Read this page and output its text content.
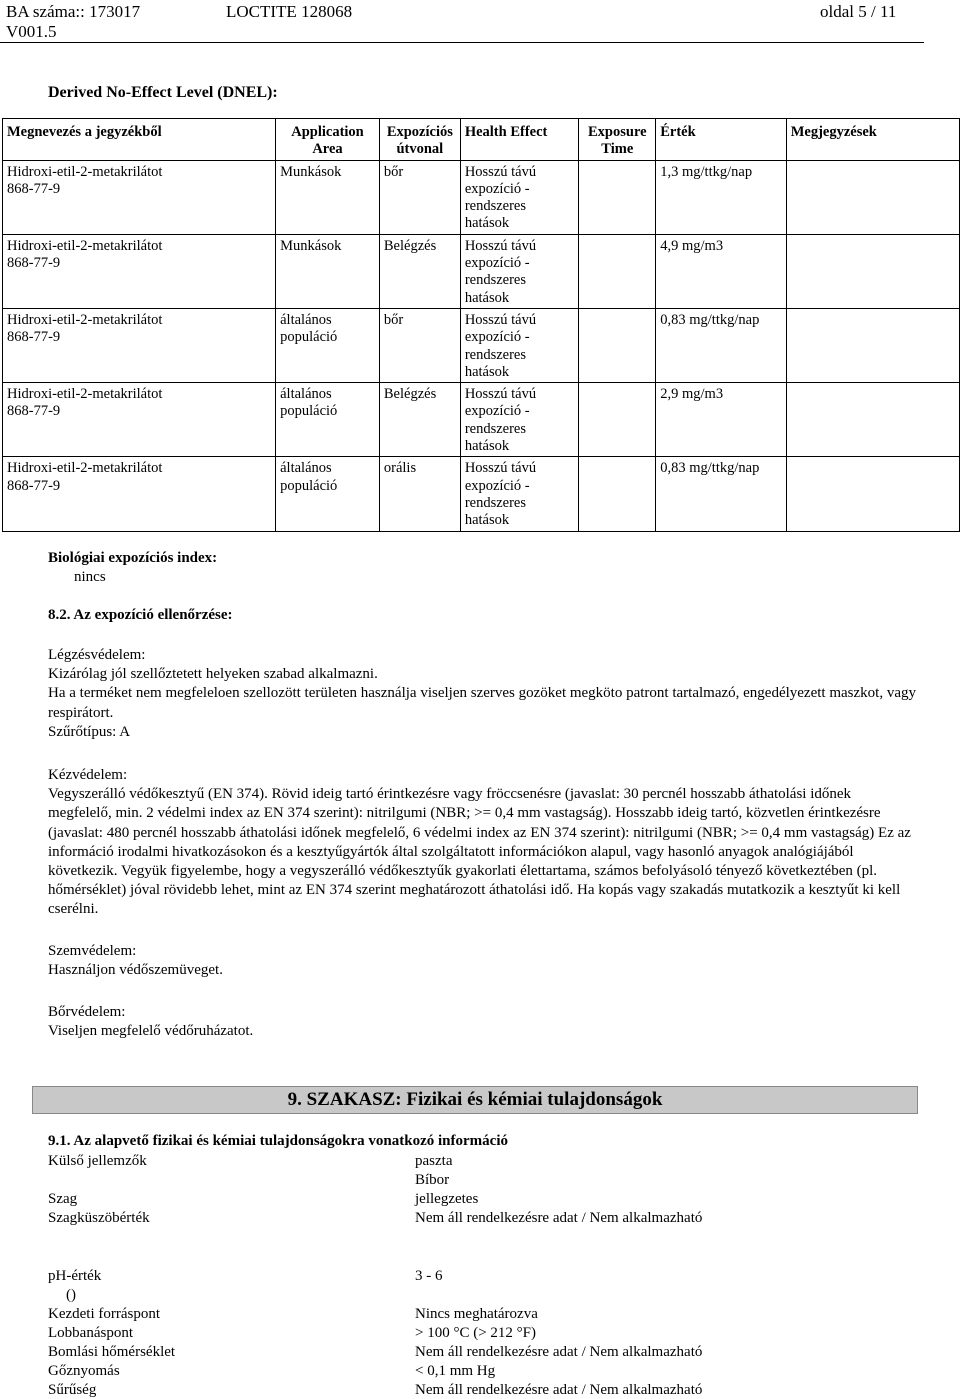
BA száma:: 173017	LOCTITE 128068	oldal 5 / 11
V001.5
Derived No-Effect Level (DNEL):
Megnevezés a jegyzékből	Application Area	Expozíciós útvonal	Health Effect	Exposure Time	Érték	Megjegyzések
Hidroxi-etil-2-metakrilátot
868-77-9	Munkások	bőr	Hosszú távú
expozíció -
rendszeres
hatások		1,3 mg/ttkg/nap	
Hidroxi-etil-2-metakrilátot
868-77-9	Munkások	Belégzés	Hosszú távú
expozíció -
rendszeres
hatások		4,9 mg/m3	
Hidroxi-etil-2-metakrilátot
868-77-9	általános
populáció	bőr	Hosszú távú
expozíció -
rendszeres
hatások		0,83 mg/ttkg/nap	
Hidroxi-etil-2-metakrilátot
868-77-9	általános
populáció	Belégzés	Hosszú távú
expozíció -
rendszeres
hatások		2,9 mg/m3	
Hidroxi-etil-2-metakrilátot
868-77-9	általános
populáció	orális	Hosszú távú
expozíció -
rendszeres
hatások		0,83 mg/ttkg/nap	
Biológiai expozíciós index:
nincs
8.2. Az expozíció ellenőrzése:
Légzésvédelem:
Kizárólag jól szellőztetett helyeken szabad alkalmazni.
Ha a terméket nem megfeleloen szellozött területen használja viseljen szerves gozöket megköto patront tartalmazó, engedélyezett maszkot, vagy respirátort.
Szűrőtípus: A
Kézvédelem:
Vegyszerálló védőkesztyű (EN 374). Rövid ideig tartó érintkezésre vagy fröccsenésre (javaslat: 30 percnél hosszabb áthatolási időnek megfelelő, min. 2 védelmi index az EN 374 szerint): nitrilgumi (NBR; >= 0,4 mm vastagság). Hosszabb ideig tartó, közvetlen érintkezésre (javaslat: 480 percnél hosszabb áthatolási időnek megfelelő, 6 védelmi index az EN 374 szerint): nitrilgumi (NBR; >= 0,4 mm vastagság) Ez az információ irodalmi hivatkozásokon és a kesztyűgyártók által szolgáltatott információkon alapul, vagy hasonló anyagok analógiájából következik. Vegyük figyelembe, hogy a vegyszerálló védőkesztyűk gyakorlati élettartama, számos befolyásoló tényező következtében (pl. hőmérséklet) jóval rövidebb lehet, mint az EN 374 szerint meghatározott áthatolási idő. Ha kopás vagy szakadás mutatkozik a kesztyűt ki kell cserélni.
Szemvédelem:
Használjon védőszemüveget.
Bőrvédelem:
Viseljen megfelelő védőruházatot.
9. SZAKASZ: Fizikai és kémiai tulajdonságok
9.1. Az alapvető fizikai és kémiai tulajdonságokra vonatkozó információ
Külső jellemzők	paszta
Bíbor
Szag	jellegzetes
Szagküszöbérték	Nem áll rendelkezésre adat / Nem alkalmazható
pH-érték	3 - 6
()
Kezdeti forráspont	Nincs meghatározva
Lobbanáspont	> 100 °C (> 212 °F)
Bomlási hőmérséklet	Nem áll rendelkezésre adat / Nem alkalmazható
Gőznyomás	< 0,1 mm Hg
Sűrűség	Nem áll rendelkezésre adat / Nem alkalmazható
